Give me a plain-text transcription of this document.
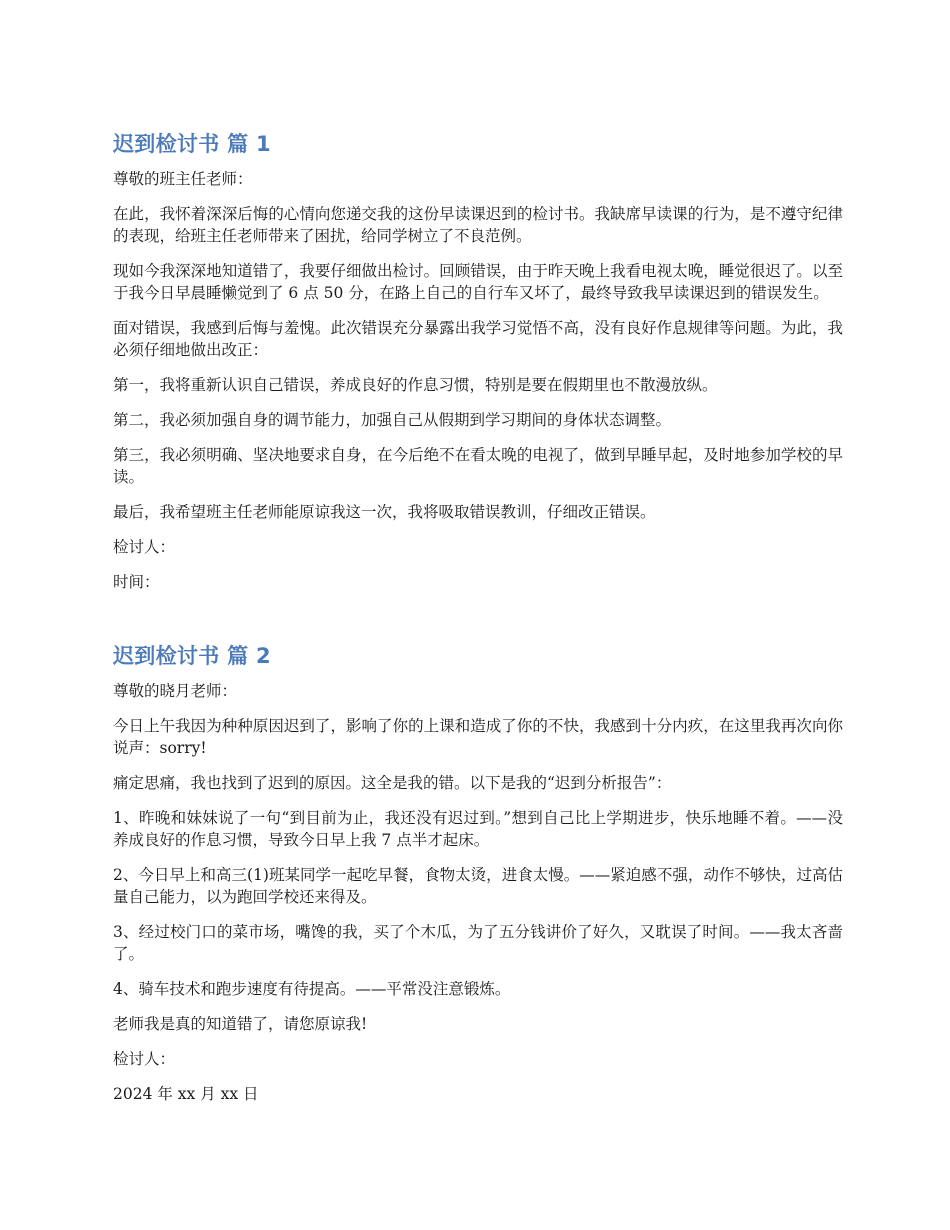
迟到检讨书 篇 1

尊敬的班主任老师：

在此，我怀着深深后悔的心情向您递交我的这份早读课迟到的检讨书。我缺席早读课的行为，是不遵守纪律的表现，给班主任老师带来了困扰，给同学树立了不良范例。

现如今我深深地知道错了，我要仔细做出检讨。回顾错误，由于昨天晚上我看电视太晚，睡觉很迟了。以至于我今日早晨睡懒觉到了 6 点 50 分，在路上自己的自行车又坏了，最终导致我早读课迟到的错误发生。

面对错误，我感到后悔与羞愧。此次错误充分暴露出我学习觉悟不高，没有良好作息规律等问题。为此，我必须仔细地做出改正：

第一，我将重新认识自己错误，养成良好的作息习惯，特别是要在假期里也不散漫放纵。

第二，我必须加强自身的调节能力，加强自己从假期到学习期间的身体状态调整。

第三，我必须明确、坚决地要求自身，在今后绝不在看太晚的电视了，做到早睡早起，及时地参加学校的早读。

最后，我希望班主任老师能原谅我这一次，我将吸取错误教训，仔细改正错误。

检讨人：

时间：

迟到检讨书 篇 2

尊敬的晓月老师：

今日上午我因为种种原因迟到了，影响了你的上课和造成了你的不快，我感到十分内疚，在这里我再次向你说声：sorry!

痛定思痛，我也找到了迟到的原因。这全是我的错。以下是我的“迟到分析报告”：

1、昨晚和妹妹说了一句“到目前为止，我还没有迟过到。”想到自己比上学期进步，快乐地睡不着。——没养成良好的作息习惯，导致今日早上我 7 点半才起床。

2、今日早上和高三(1)班某同学一起吃早餐，食物太烫，进食太慢。——紧迫感不强，动作不够快，过高估量自己能力，以为跑回学校还来得及。

3、经过校门口的菜市场，嘴馋的我，买了个木瓜，为了五分钱讲价了好久，又耽误了时间。——我太吝啬了。

4、骑车技术和跑步速度有待提高。——平常没注意锻炼。

老师我是真的知道错了，请您原谅我!

检讨人：

2024 年 xx 月 xx 日
